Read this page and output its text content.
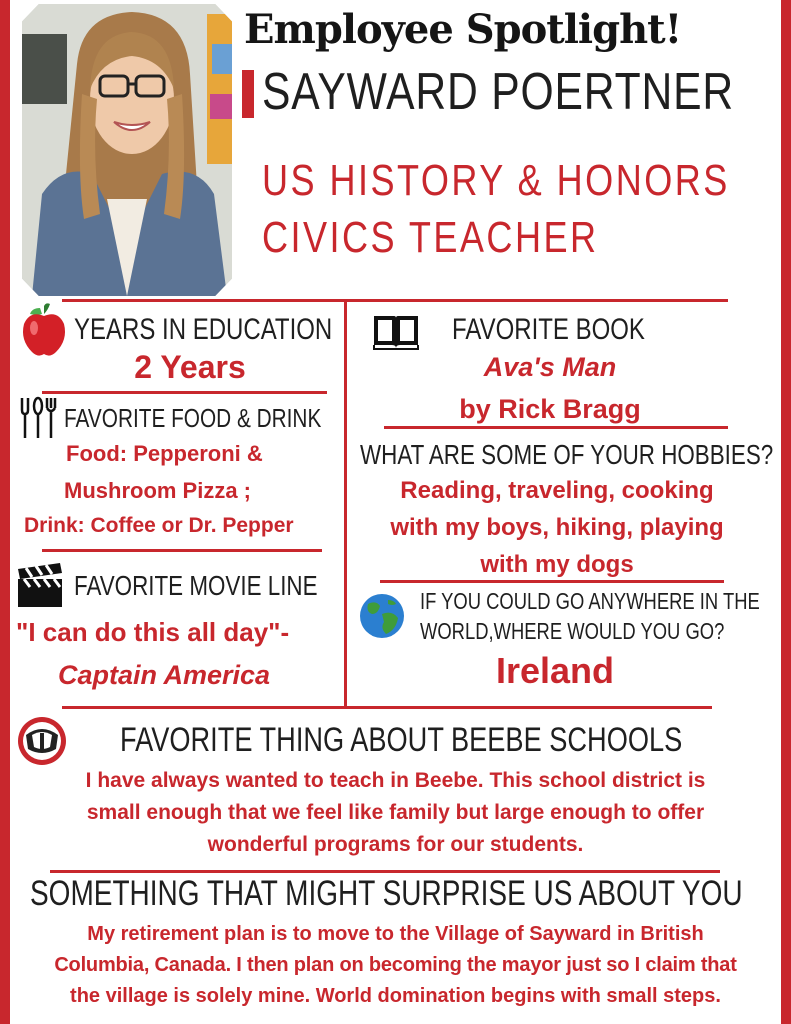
Employee Spotlight!
SAYWARD POERTNER
US HISTORY & HONORS
CIVICS TEACHER
YEARS IN EDUCATION
2 Years
FAVORITE FOOD & DRINK
Food: Pepperoni &
Mushroom Pizza ;
Drink: Coffee or Dr. Pepper
FAVORITE MOVIE LINE
"I can do this all day"-
Captain America
FAVORITE BOOK
Ava's Man
by Rick Bragg
WHAT ARE SOME OF YOUR HOBBIES?
Reading, traveling, cooking
with my boys, hiking, playing
with my dogs
IF YOU COULD GO ANYWHERE IN THE
WORLD,WHERE WOULD YOU GO?
Ireland
FAVORITE THING ABOUT BEEBE SCHOOLS
I have always wanted to teach in Beebe. This school district is
small enough that we feel like family but large enough to offer
wonderful programs for our students.
SOMETHING THAT MIGHT SURPRISE US ABOUT YOU
My retirement plan is to move to the Village of Sayward in British
Columbia, Canada. I then plan on becoming the mayor just so I claim that
the village is solely mine. World domination begins with small steps.
